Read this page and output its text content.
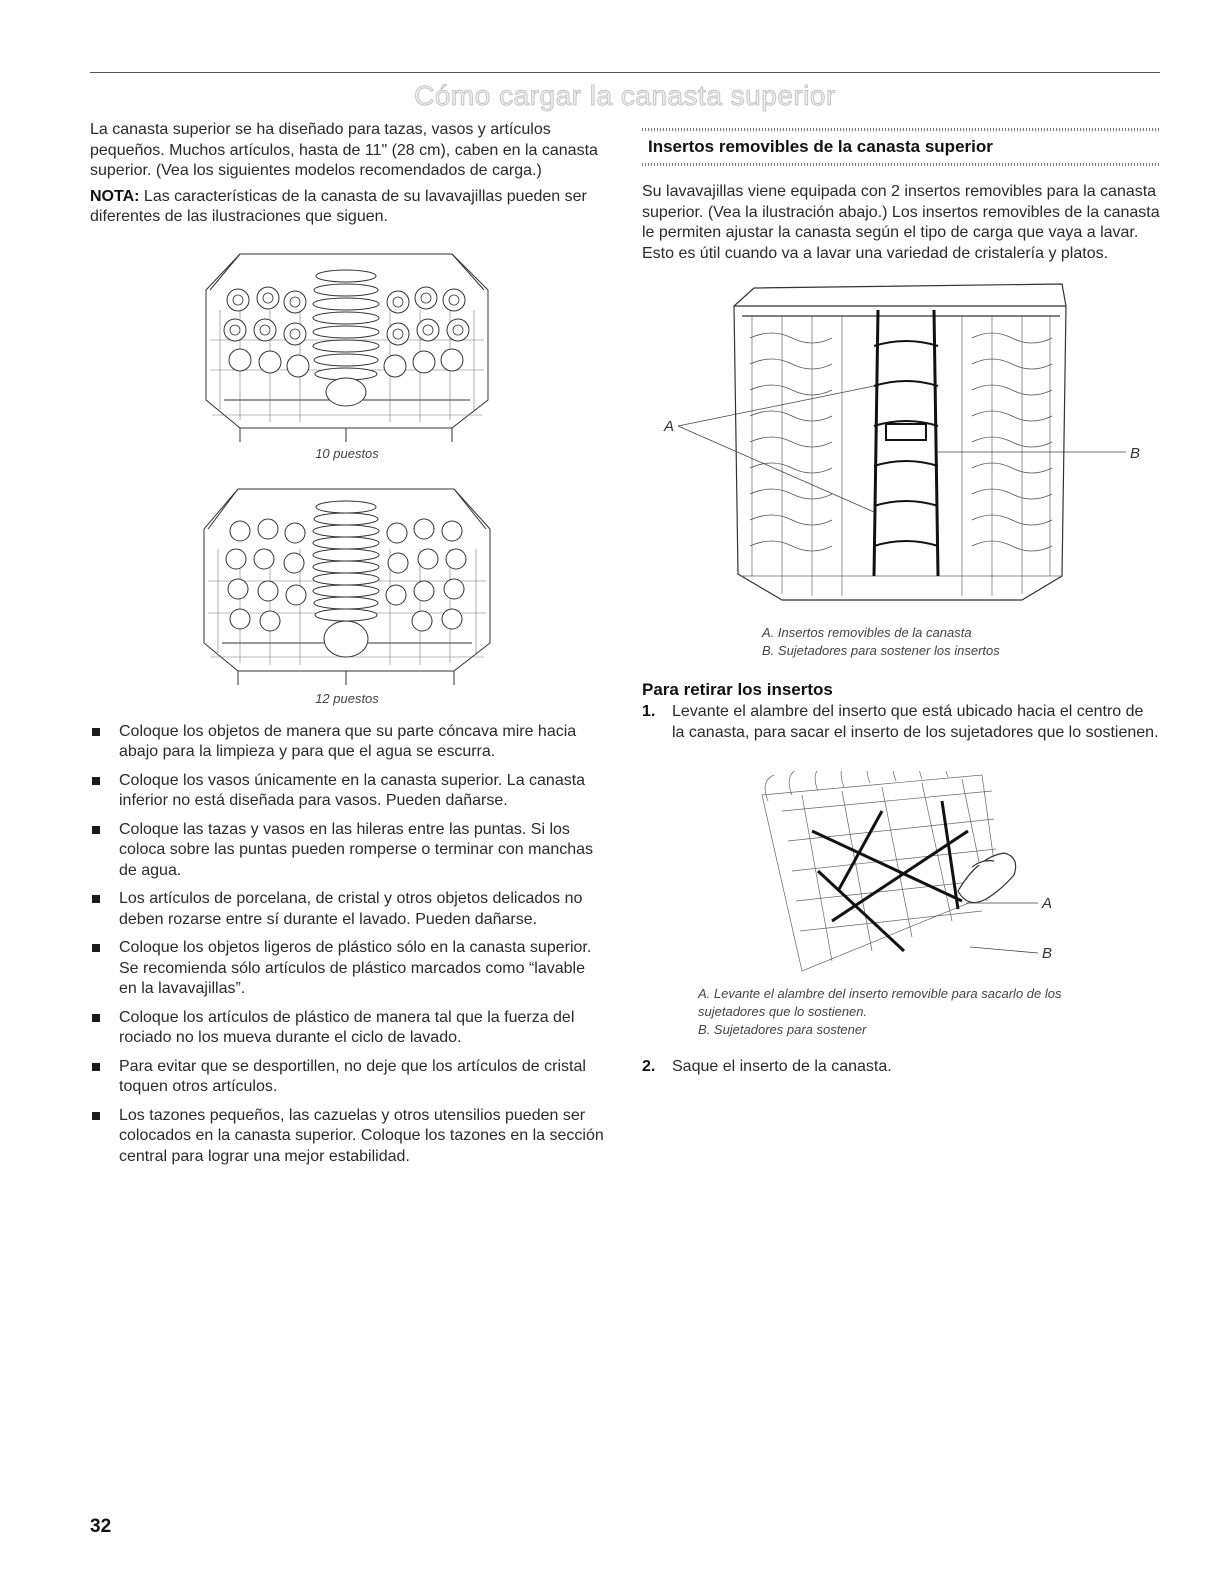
Cómo cargar la canasta superior

La canasta superior se ha diseñado para tazas, vasos y artículos pequeños. Muchos artículos, hasta de 11" (28 cm), caben en la canasta superior. (Vea los siguientes modelos recomendados de carga.)

NOTA: Las características de la canasta de su lavavajillas pueden ser diferentes de las ilustraciones que siguen.

10 puestos
12 puestos
Coloque los objetos de manera que su parte cóncava mire hacia abajo para la limpieza y para que el agua se escurra.
Coloque los vasos únicamente en la canasta superior. La canasta inferior no está diseñada para vasos. Pueden dañarse.
Coloque las tazas y vasos en las hileras entre las puntas. Si los coloca sobre las puntas pueden romperse o terminar con manchas de agua.
Los artículos de porcelana, de cristal y otros objetos delicados no deben rozarse entre sí durante el lavado. Pueden dañarse.
Coloque los objetos ligeros de plástico sólo en la canasta superior. Se recomienda sólo artículos de plástico marcados como “lavable en la lavavajillas”.
Coloque los artículos de plástico de manera tal que la fuerza del rociado no los mueva durante el ciclo de lavado.
Para evitar que se desportillen, no deje que los artículos de cristal toquen otros artículos.
Los tazones pequeños, las cazuelas y otros utensilios pueden ser colocados en la canasta superior. Coloque los tazones en la sección central para lograr una mejor estabilidad.
Insertos removibles de la canasta superior

Su lavavajillas viene equipada con 2 insertos removibles para la canasta superior. (Vea la ilustración abajo.) Los insertos removibles de la canasta le permiten ajustar la canasta según el tipo de carga que vaya a lavar. Esto es útil cuando va a lavar una variedad de cristalería y platos.

A
B
A. Insertos removibles de la canasta
B. Sujetadores para sostener los insertos
Para retirar los insertos
1. Levante el alambre del inserto que está ubicado hacia el centro de la canasta, para sacar el inserto de los sujetadores que lo sostienen.
A
B
A. Levante el alambre del inserto removible para sacarlo de los sujetadores que lo sostienen.
B. Sujetadores para sostener
2. Saque el inserto de la canasta.
32
